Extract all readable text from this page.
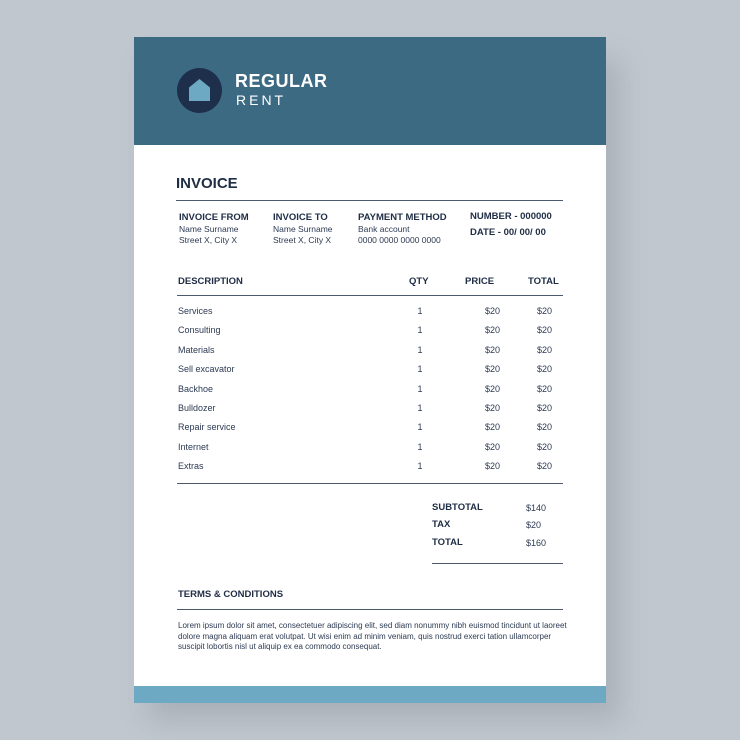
REGULAR
RENT
INVOICE
INVOICE FROM
Name Surname
Street X, City X
INVOICE TO
Name Surname
Street X, City X
PAYMENT METHOD
Bank account
0000 0000 0000 0000
NUMBER - 000000
DATE - 00/ 00/ 00
DESCRIPTION	QTY	PRICE	TOTAL
Services	1	$20	$20
Consulting	1	$20	$20
Materials	1	$20	$20
Sell excavator	1	$20	$20
Backhoe	1	$20	$20
Bulldozer	1	$20	$20
Repair service	1	$20	$20
Internet	1	$20	$20
Extras	1	$20	$20
SUBTOTAL	$140
TAX	$20
TOTAL	$160
TERMS & CONDITIONS
Lorem ipsum dolor sit amet, consectetuer adipiscing elit, sed diam nonummy nibh euismod tincidunt ut laoreet dolore magna aliquam erat volutpat. Ut wisi enim ad minim veniam, quis nostrud exerci tation ullamcorper suscipit lobortis nisl ut aliquip ex ea commodo consequat.
